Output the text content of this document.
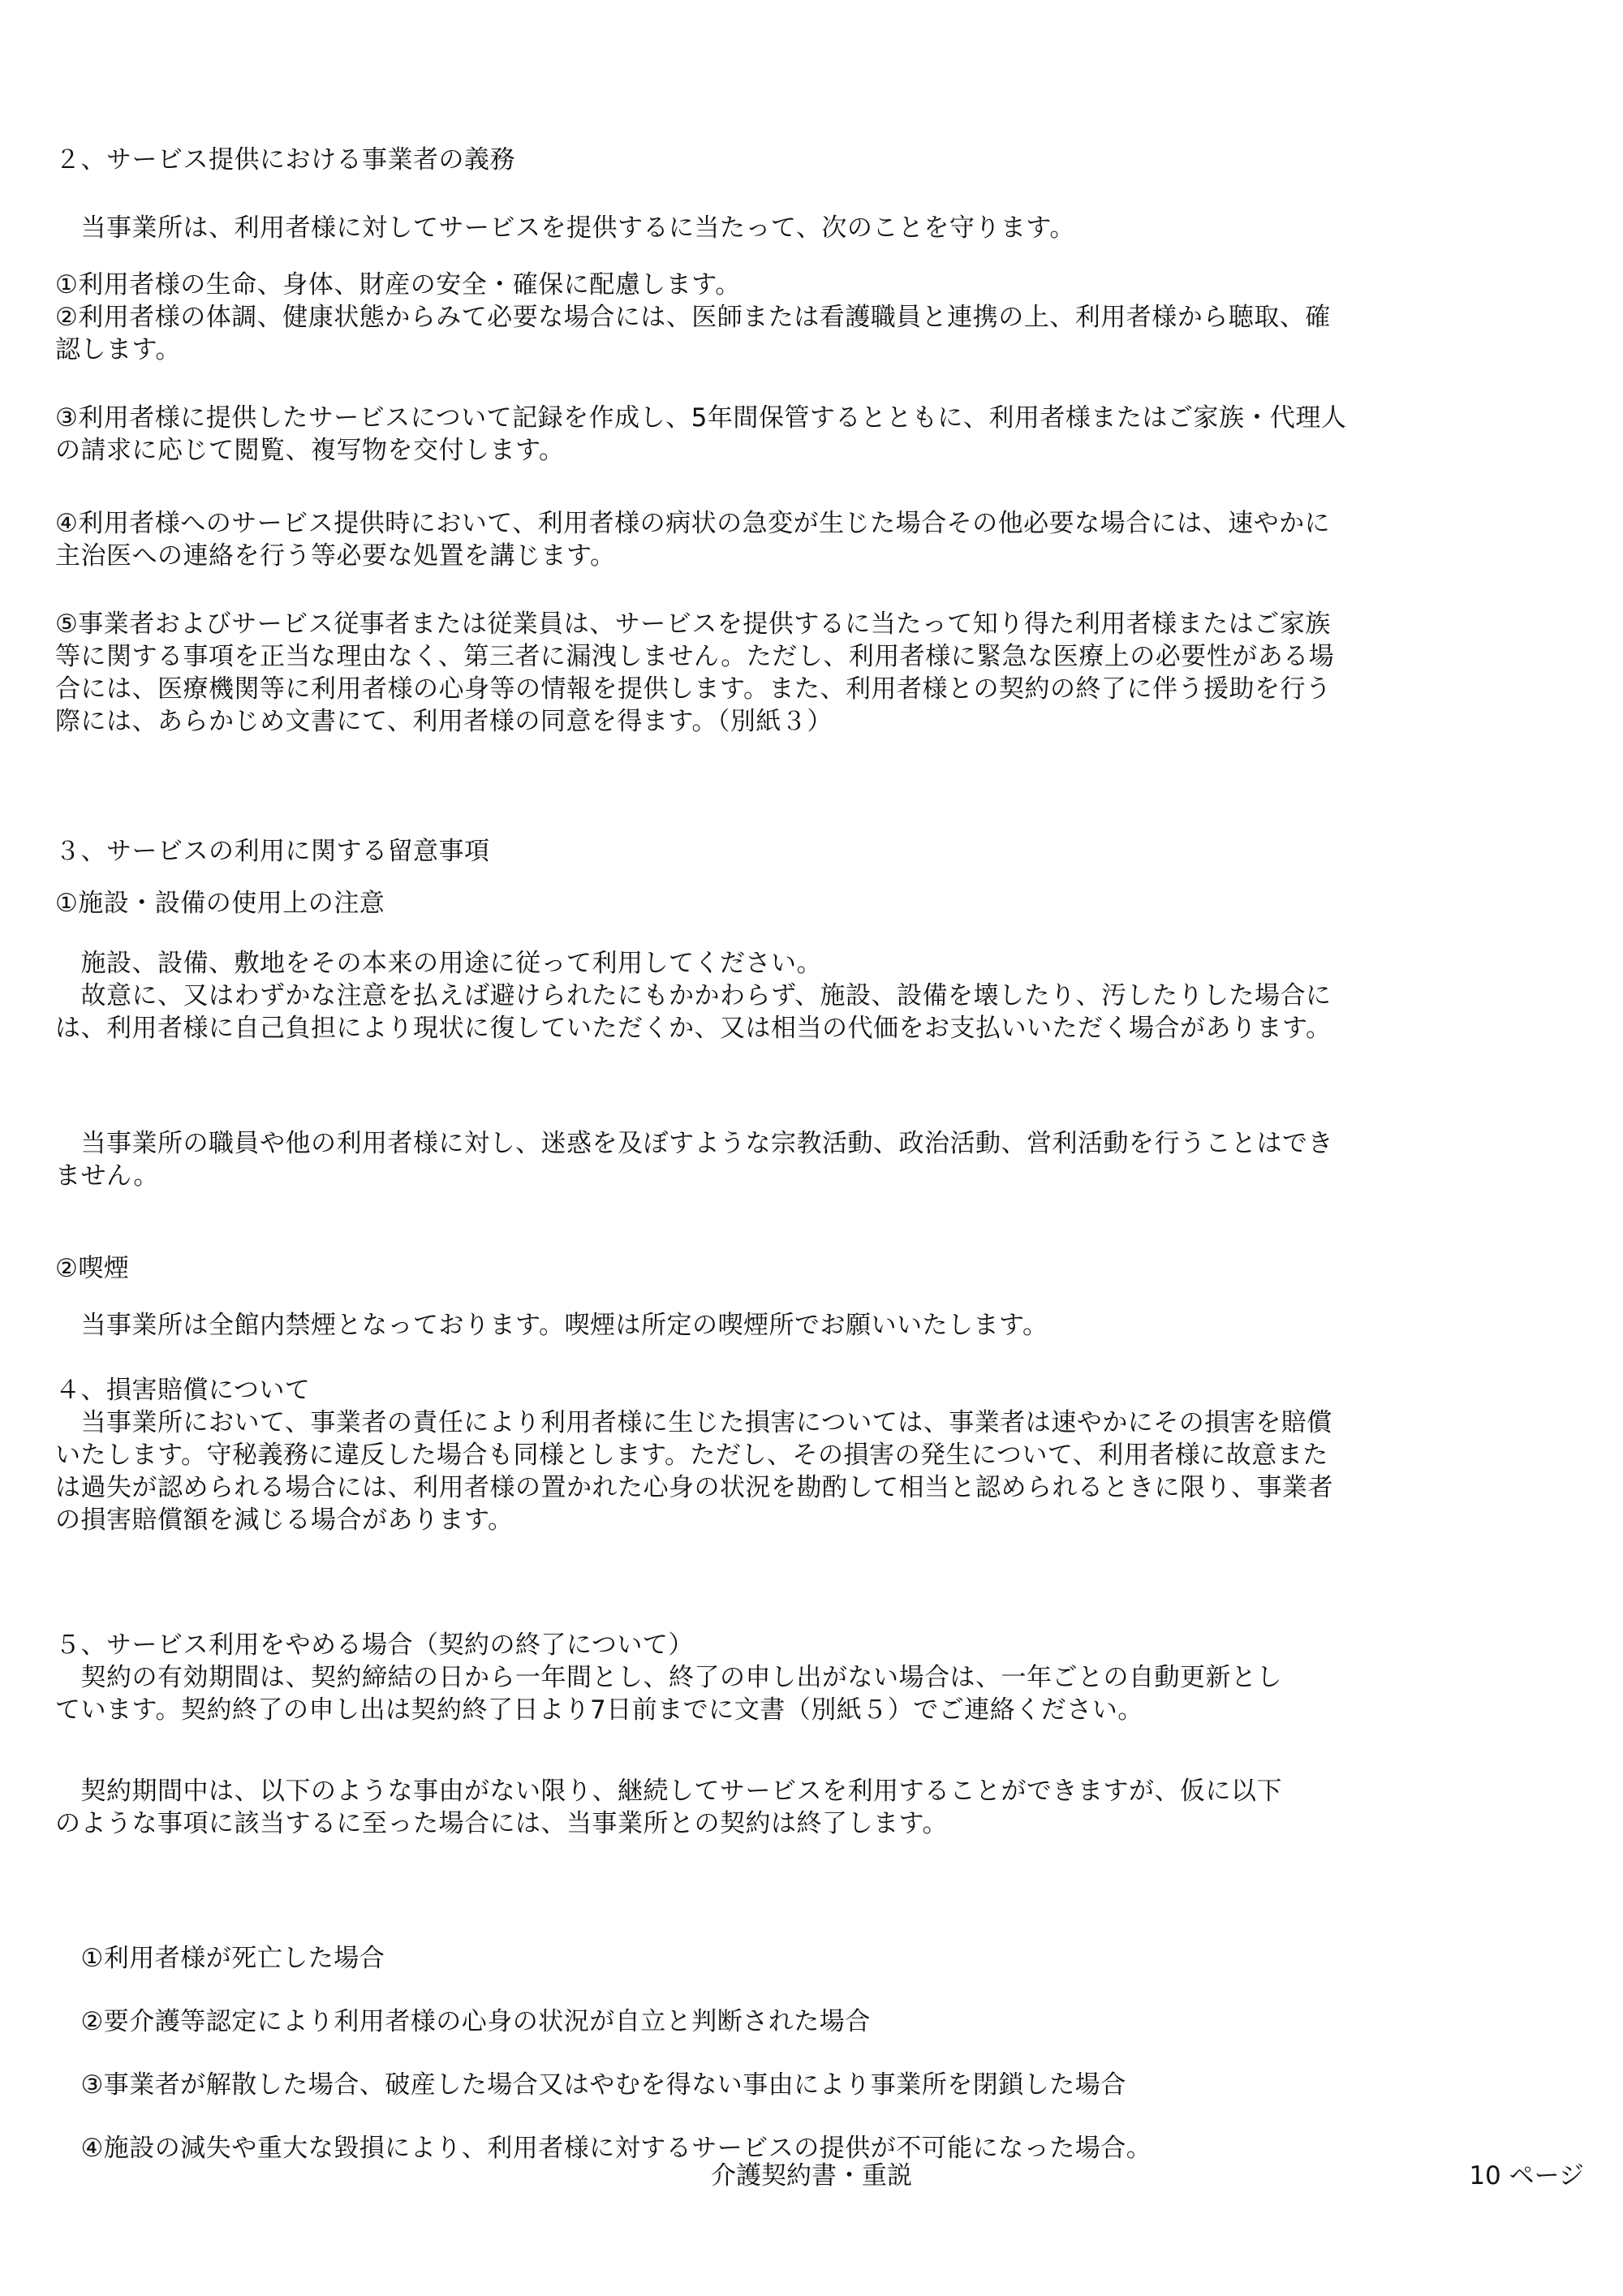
２、サービス提供における事業者の義務
　当事業所は、利用者様に対してサービスを提供するに当たって、次のことを守ります。
①利用者様の生命、身体、財産の安全・確保に配慮します。
②利用者様の体調、健康状態からみて必要な場合には、医師または看護職員と連携の上、利用者様から聴取、確
認します。
③利用者様に提供したサービスについて記録を作成し、5年間保管するとともに、利用者様またはご家族・代理人
の請求に応じて閲覧、複写物を交付します。
④利用者様へのサービス提供時において、利用者様の病状の急変が生じた場合その他必要な場合には、速やかに
主治医への連絡を行う等必要な処置を講じます。
⑤事業者およびサービス従事者または従業員は、サービスを提供するに当たって知り得た利用者様またはご家族
等に関する事項を正当な理由なく、第三者に漏洩しません。ただし、利用者様に緊急な医療上の必要性がある場
合には、医療機関等に利用者様の心身等の情報を提供します。また、利用者様との契約の終了に伴う援助を行う
際には、あらかじめ文書にて、利用者様の同意を得ます。（別紙３）
３、サービスの利用に関する留意事項
①施設・設備の使用上の注意
　施設、設備、敷地をその本来の用途に従って利用してください。
　故意に、又はわずかな注意を払えば避けられたにもかかわらず、施設、設備を壊したり、汚したりした場合に
は、利用者様に自己負担により現状に復していただくか、又は相当の代価をお支払いいただく場合があります。
　当事業所の職員や他の利用者様に対し、迷惑を及ぼすような宗教活動、政治活動、営利活動を行うことはでき
ません。
②喫煙
　当事業所は全館内禁煙となっております。喫煙は所定の喫煙所でお願いいたします。
４、損害賠償について
　当事業所において、事業者の責任により利用者様に生じた損害については、事業者は速やかにその損害を賠償
いたします。守秘義務に違反した場合も同様とします。ただし、その損害の発生について、利用者様に故意また
は過失が認められる場合には、利用者様の置かれた心身の状況を勘酌して相当と認められるときに限り、事業者
の損害賠償額を減じる場合があります。
５、サービス利用をやめる場合（契約の終了について）
　契約の有効期間は、契約締結の日から一年間とし、終了の申し出がない場合は、一年ごとの自動更新とし
ています。契約終了の申し出は契約終了日より7日前までに文書（別紙５）でご連絡ください。
　契約期間中は、以下のような事由がない限り、継続してサービスを利用することができますが、仮に以下
のような事項に該当するに至った場合には、当事業所との契約は終了します。
　①利用者様が死亡した場合
　②要介護等認定により利用者様の心身の状況が自立と判断された場合
　③事業者が解散した場合、破産した場合又はやむを得ない事由により事業所を閉鎖した場合
　④施設の減失や重大な毀損により、利用者様に対するサービスの提供が不可能になった場合。
介護契約書・重説	10 ページ
